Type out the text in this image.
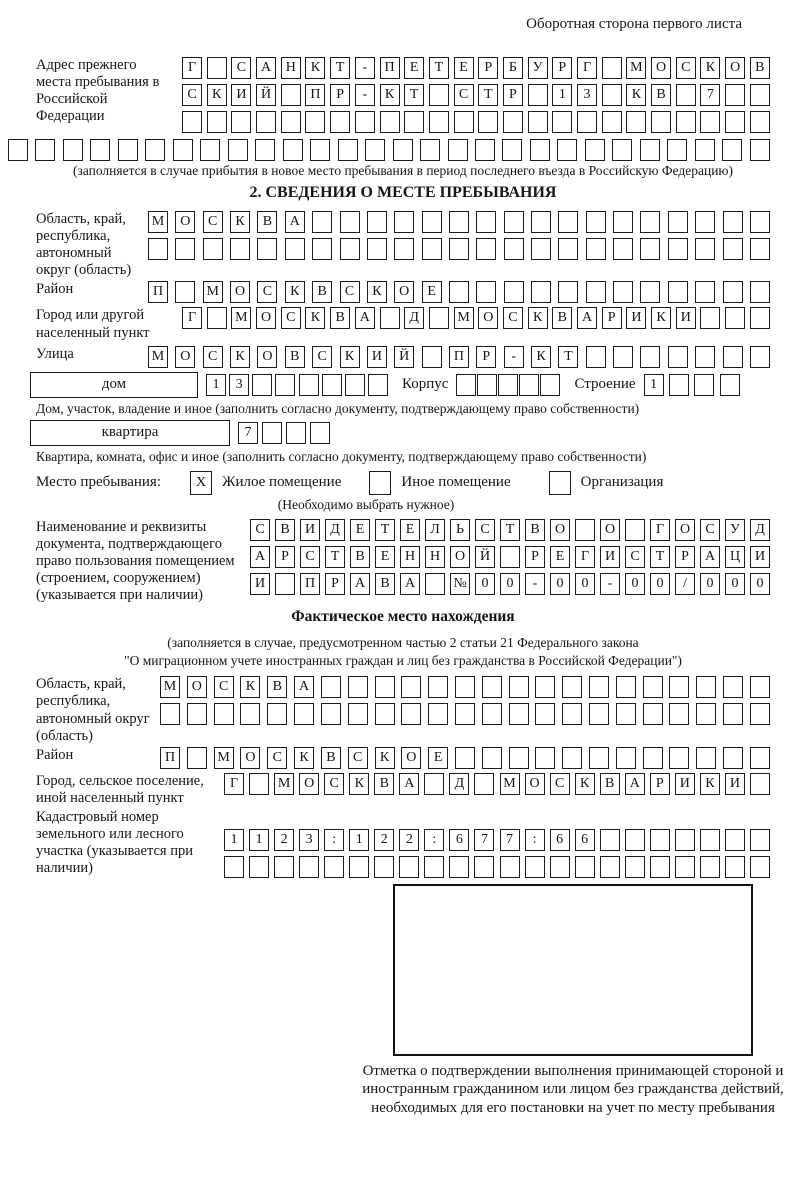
Оборотная сторона первого листа
Адрес прежнего места пребывания в Российской Федерации
Г	С	А	Н	К	Т	-	П	Е	Т	Е	Р	Б	У	Р	Г	М О	С	К	О	В
С	К	И	Й	П	Р	-	К	Т	С	Т	Р	1	3	К	В	7
(заполняется в случае прибытия в новое место пребывания в период последнего въезда в Российскую Федерацию)
2. СВЕДЕНИЯ О МЕСТЕ ПРЕБЫВАНИЯ
Область, край, республика, автономный округ (область)
М	О	С	К	В	А
Район	П	М	О	С	К	В	С	К	О	Е
Город или другой населенный пункт
Г	М О	С	К	В	А	Д	М О	С	К	В	А	Р	И	К	И
Улица	М	О	С	К	О	В	С	К	И	Й	П	Р	-	К	Т
дом	1	3	Корпус	Строение	1
Дом, участок, владение и иное (заполнить согласно документу, подтверждающему право собственности)
квартира	7
Квартира, комната, офис и иное (заполнить согласно документу, подтверждающему право собственности)
Место пребывания:	X	Жилое помещение	Иное помещение	Организация
(Необходимо выбрать нужное)
Наименование и реквизиты документа, подтверждающего право пользования помещением (строением, сооружением) (указывается при наличии)
С	В	И	Д	Е	Т	Е	Л	Ь	С	Т	В	О	О	Г	О	С	У	Д
А	Р	С	Т	В	Е	Н	Н	О	Й	Р	Е	Г	И	С	Т	Р	А	Ц	И
И	П	Р	А	В	А	№	0	0	-	0	0	-	0	0	/	0	0	0
Фактическое место нахождения
(заполняется в случае, предусмотренном частью 2 статьи 21 Федерального закона
"О миграционном учете иностранных граждан и лиц без гражданства в Российской Федерации")
Область, край, республика, автономный округ (область)
М	О	С	К	В	А
Район	П	М	О	С	К	В	С	К	О	Е
Город, сельское поселение, иной населенный пункт
Г	М О	С	К	В	А	Д	М О	С	К	В	А	Р	И	К	И
Кадастровый номер земельного или лесного участка (указывается при наличии)
1	1	2	3	:	1	2	2	:	6	7	7	:	6	6
Отметка о подтверждении выполнения принимающей стороной и иностранным гражданином или лицом без гражданства действий, необходимых для его постановки на учет по месту пребывания
